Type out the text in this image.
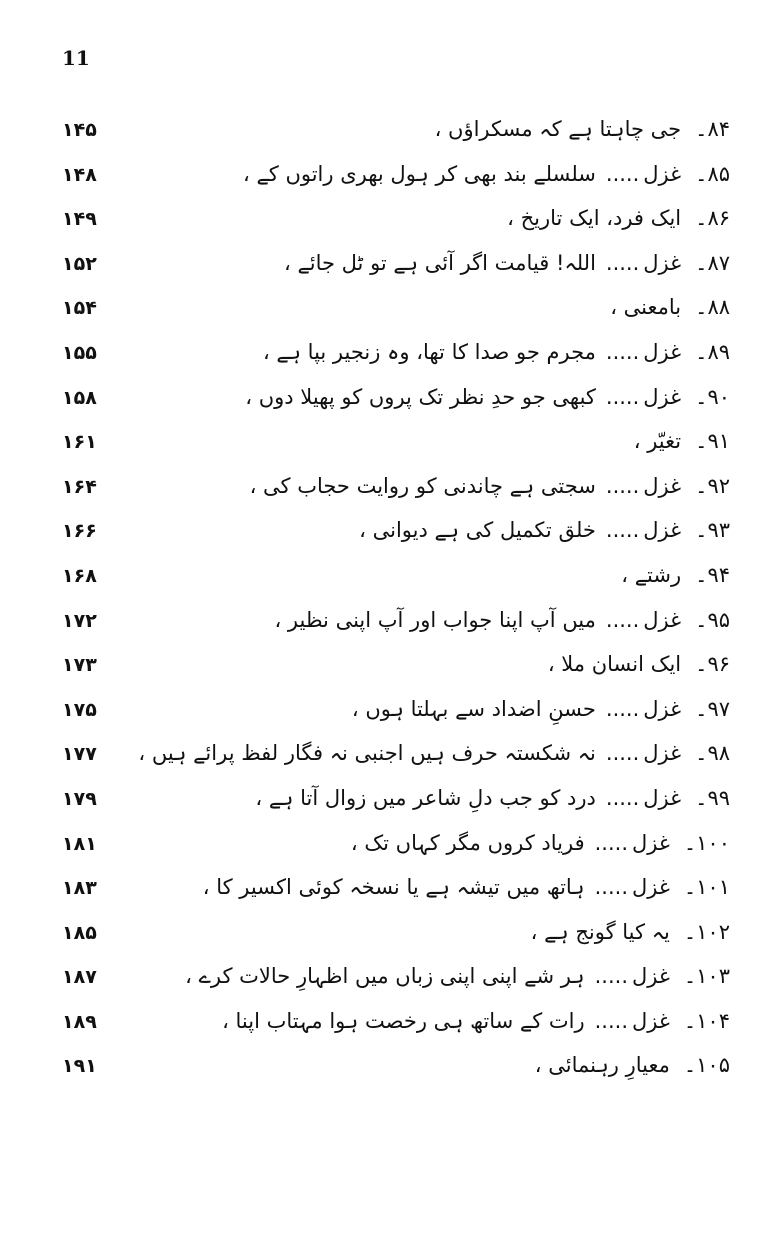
11
۸۴۔جی چاہتا ہے کہ مسکراؤں ،
۱۴۵
۸۵۔غزل.....سلسلے بند بھی کر ہول بھری راتوں کے ،
۱۴۸
۸۶۔ایک فرد، ایک تاریخ ،
۱۴۹
۸۷۔غزل.....اللہ! قیامت اگر آئی ہے تو ٹل جائے ،
۱۵۲
۸۸۔بامعنی ،
۱۵۴
۸۹۔غزل.....مجرم جو صدا کا تھا، وہ زنجیر بپا ہے ،
۱۵۵
۹۰۔غزل.....کبھی جو حدِ نظر تک پروں کو پھیلا دوں ،
۱۵۸
۹۱۔تغیّر ،
۱۶۱
۹۲۔غزل.....سجتی ہے چاندنی کو روایت حجاب کی ،
۱۶۴
۹۳۔غزل.....خلق تکمیل کی ہے دیوانی ،
۱۶۶
۹۴۔رشتے ،
۱۶۸
۹۵۔غزل.....میں آپ اپنا جواب اور آپ اپنی نظیر ،
۱۷۲
۹۶۔ایک انسان ملا ،
۱۷۳
۹۷۔غزل.....حسنِ اضداد سے بہلتا ہوں ،
۱۷۵
۹۸۔غزل.....نہ شکستہ حرف ہیں اجنبی نہ فگار لفظ پرائے ہیں ،
۱۷۷
۹۹۔غزل.....درد کو جب دلِ شاعر میں زوال آتا ہے ،
۱۷۹
۱۰۰۔غزل.....فریاد کروں مگر کہاں تک ،
۱۸۱
۱۰۱۔غزل.....ہاتھ میں تیشہ ہے یا نسخہ کوئی اکسیر کا ،
۱۸۳
۱۰۲۔یہ کیا گونج ہے ،
۱۸۵
۱۰۳۔غزل.....ہر شے اپنی اپنی زباں میں اظہارِ حالات کرے ،
۱۸۷
۱۰۴۔غزل.....رات کے ساتھ ہی رخصت ہوا مہتاب اپنا ،
۱۸۹
۱۰۵۔معیارِ رہنمائی ،
۱۹۱
